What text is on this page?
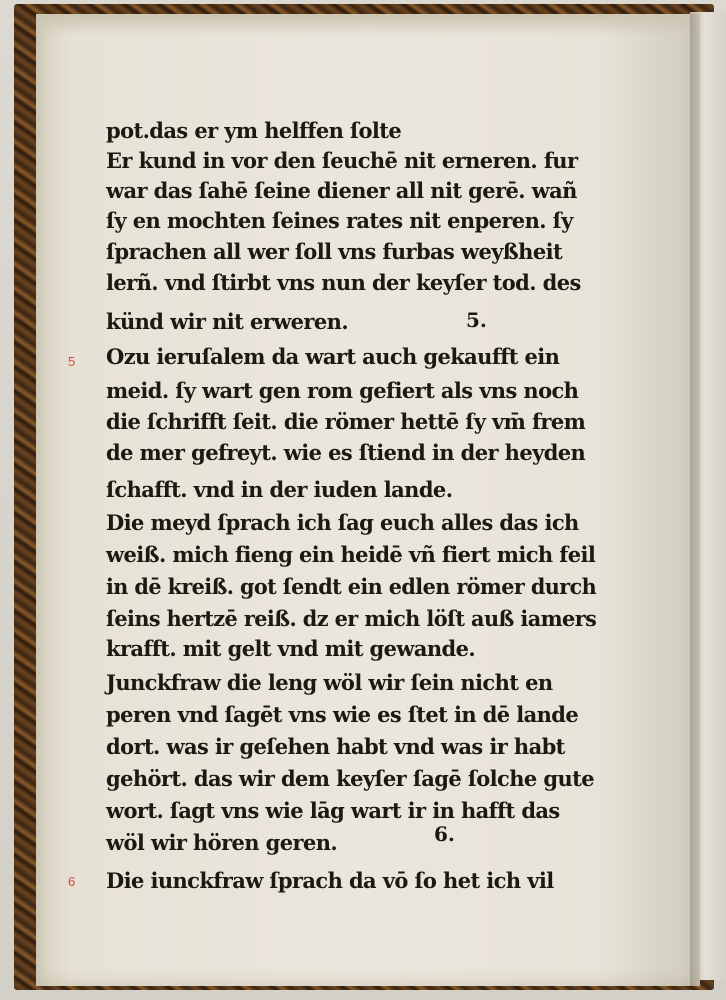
pot.das er ym helffen ſolte
Er kund in vor den ſeuchē nit erneren. fur
war das ſahē ſeine diener all nit gerē. wañ
ſy en mochten ſeines rates nit enperen. ſy
ſprachen all wer ſoll vns furbas weyßheit
lerñ. vnd ſtirbt vns nun der keyſer tod. des
künd wir nit erweren.
Ozu ieruſalem da wart auch gekaufft ein
meid. ſy wart gen rom gefiert als vns noch
die ſchrifft ſeit. die römer hettē ſy vm̄ frem
de mer gefreyt. wie es ſtiend in der heyden
ſchafft. vnd in der iuden lande.
Die meyd ſprach ich ſag euch alles das ich
weiß. mich fieng ein heidē vñ fiert mich feil
in dē kreiß. got ſendt ein edlen römer durch
ſeins hertzē reiß. dz er mich löſt auß iamers
krafft. mit gelt vnd mit gewande.
Junckfraw die leng wöl wir ſein nicht en
peren vnd ſagēt vns wie es ſtet in dē lande
dort. was ir geſehen habt vnd was ir habt
gehört. das wir dem keyſer ſagē ſolche gute
wort. ſagt vns wie lāg wart ir in hafft das
wöl wir hören geren.
Die iunckfraw ſprach da vō ſo het ich vil
5.
6.
5
6
